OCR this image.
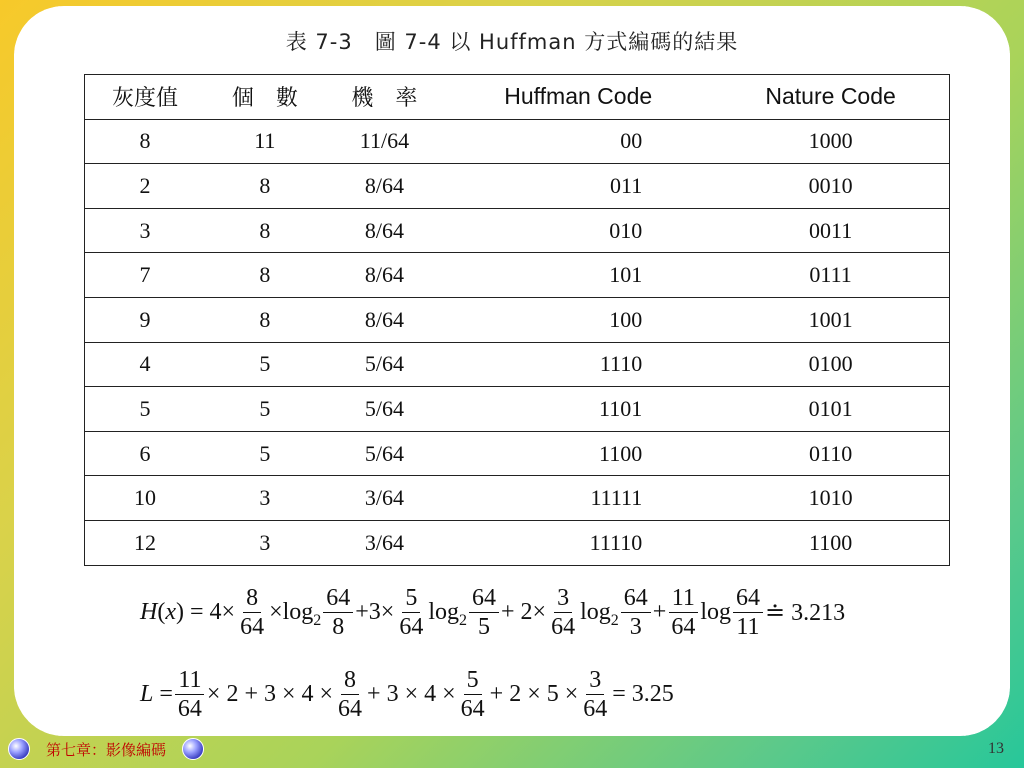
表 7-3　圖 7-4 以 Huffman 方式編碼的結果
灰度值	個　數	機　率	Huffman Code	Nature Code
8	11	11/64	00	1000
2	8	8/64	011	0010
3	8	8/64	010	0011
7	8	8/64	101	0111
9	8	8/64	100	1001
4	5	5/64	1110	0100
5	5	5/64	1101	0101
6	5	5/64	1100	0110
10	3	3/64	11111	1010
12	3	3/64	11110	1100
$H(x) = 4\times \frac{8}{64} \times\log$ $2 \frac{64}{8} +3\times \frac{5}{64}$ $\log 2 \frac{64}{5} + 2\times \frac{3}{64}$ $\log 2 \frac{64}{3} + \frac{11}{64}$ $\log \frac{64}{11}$ ≐ 3.213
$L = \frac{11}{64} \times 2 + 3 \times 4 \times \frac{8}{64} + 3 \times 4 \times \frac{5}{64} + 2 \times 5 \times \frac{3}{64} = 3.25$
第七章：影像編碼	13
